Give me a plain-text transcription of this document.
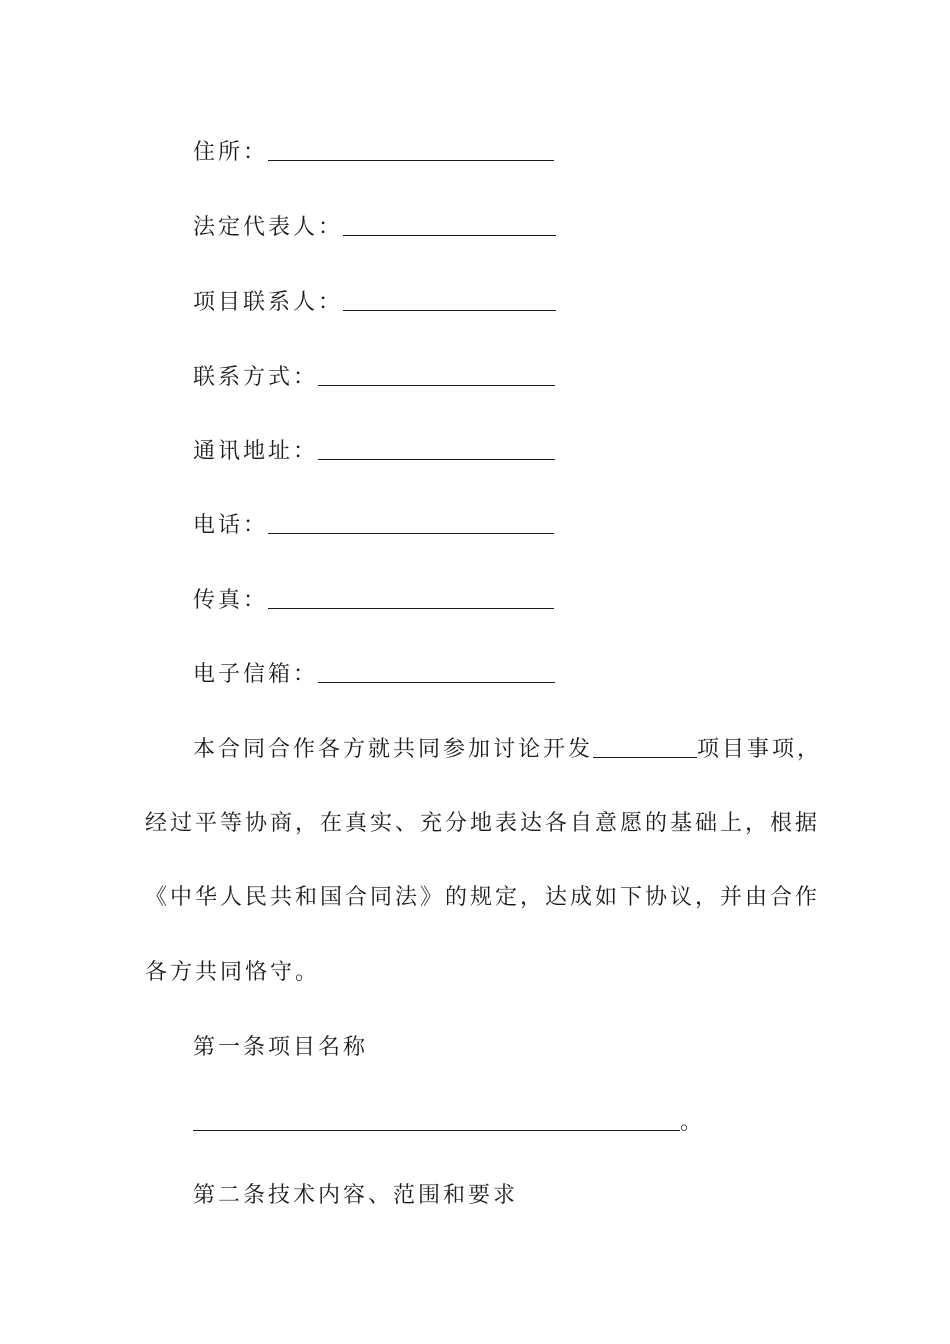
住所：
法定代表人：
项目联系人：
联系方式：
通讯地址：
电话：
传真：
电子信箱：
本合同合作各方就共同参加讨论开发	项目事项，
经过平等协商，在真实、充分地表达各自意愿的基础上，根据
《中华人民共和国合同法》的规定，达成如下协议，并由合作
各方共同恪守。
第一条项目名称
。
第二条技术内容、范围和要求
